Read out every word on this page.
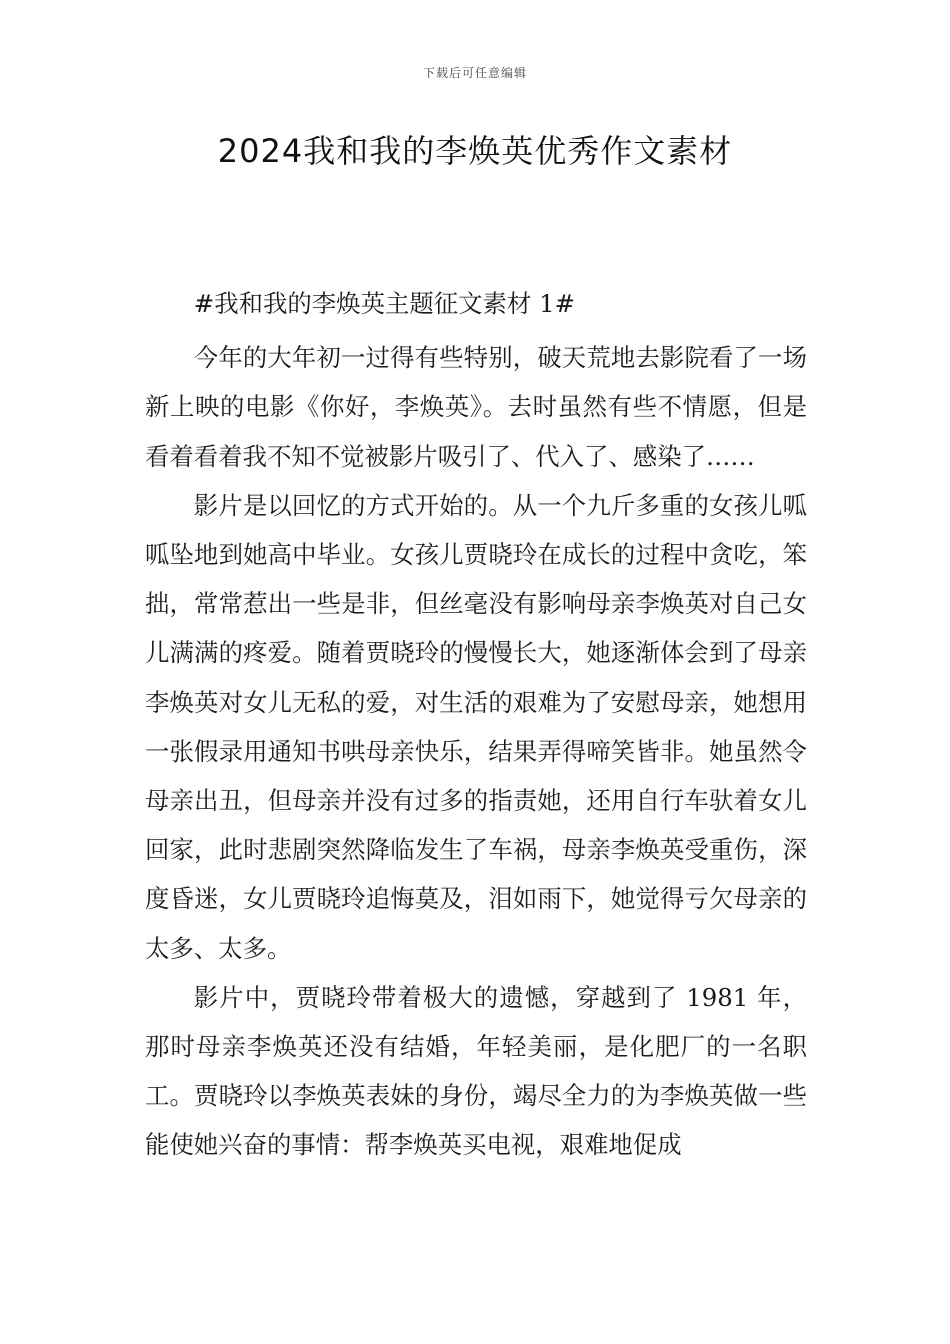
下载后可任意编辑
2024我和我的李焕英优秀作文素材

#我和我的李焕英主题征文素材 1#

今年的大年初一过得有些特别，破天荒地去影院看了一场新上映的电影《你好，李焕英》。去时虽然有些不情愿，但是看着看着我不知不觉被影片吸引了、代入了、感染了……

影片是以回忆的方式开始的。从一个九斤多重的女孩儿呱呱坠地到她高中毕业。女孩儿贾晓玲在成长的过程中贪吃，笨拙，常常惹出一些是非，但丝毫没有影响母亲李焕英对自己女儿满满的疼爱。随着贾晓玲的慢慢长大，她逐渐体会到了母亲李焕英对女儿无私的爱，对生活的艰难为了安慰母亲，她想用一张假录用通知书哄母亲快乐，结果弄得啼笑皆非。她虽然令母亲出丑，但母亲并没有过多的指责她，还用自行车驮着女儿回家，此时悲剧突然降临发生了车祸，母亲李焕英受重伤，深度昏迷，女儿贾晓玲追悔莫及，泪如雨下，她觉得亏欠母亲的太多、太多。

影片中，贾晓玲带着极大的遗憾，穿越到了 1981 年，那时母亲李焕英还没有结婚，年轻美丽，是化肥厂的一名职工。贾晓玲以李焕英表妹的身份，竭尽全力的为李焕英做一些能使她兴奋的事情：帮李焕英买电视，艰难地促成
